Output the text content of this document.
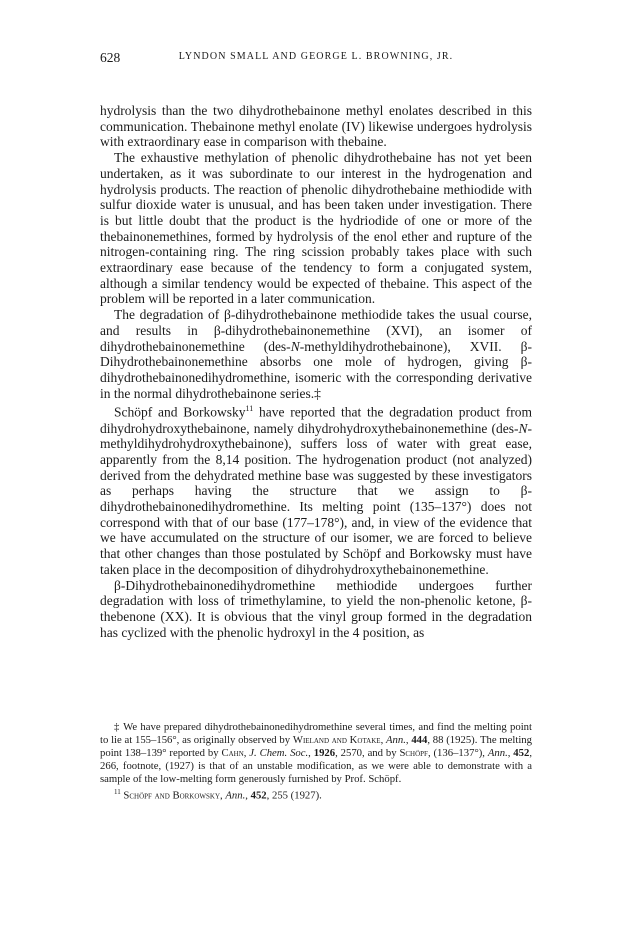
628	LYNDON SMALL AND GEORGE L. BROWNING, JR.

hydrolysis than the two dihydrothebainone methyl enolates described in this communication. Thebainone methyl enolate (IV) likewise undergoes hydrolysis with extraordinary ease in comparison with thebaine.

The exhaustive methylation of phenolic dihydrothebaine has not yet been undertaken, as it was subordinate to our interest in the hydrogenation and hydrolysis products. The reaction of phenolic dihydrothebaine methiodide with sulfur dioxide water is unusual, and has been taken under investigation. There is but little doubt that the product is the hydriodide of one or more of the thebainonemethines, formed by hydrolysis of the enol ether and rupture of the nitrogen-containing ring. The ring scission probably takes place with such extraordinary ease because of the tendency to form a conjugated system, although a similar tendency would be expected of thebaine. This aspect of the problem will be reported in a later communication.

The degradation of β-dihydrothebainone methiodide takes the usual course, and results in β-dihydrothebainonemethine (XVI), an isomer of dihydrothebainonemethine (des-N-methyldihydrothebainone), XVII. β-Dihydrothebainonemethine absorbs one mole of hydrogen, giving β-dihydrothebainonedihydromethine, isomeric with the corresponding derivative in the normal dihydrothebainone series.‡

Schöpf and Borkowsky$^{11}$ have reported that the degradation product from dihydrohydroxythebainone, namely dihydrohydroxythebainonemethine (des-N-methyldihydrohydroxythebainone), suffers loss of water with great ease, apparently from the 8,14 position. The hydrogenation product (not analyzed) derived from the dehydrated methine base was suggested by these investigators as perhaps having the structure that we assign to β-dihydrothebainonedihydromethine. Its melting point (135–137°) does not correspond with that of our base (177–178°), and, in view of the evidence that we have accumulated on the structure of our isomer, we are forced to believe that other changes than those postulated by Schöpf and Borkowsky must have taken place in the decomposition of dihydrohydroxythebainonemethine.

β-Dihydrothebainonedihydromethine methiodide undergoes further degradation with loss of trimethylamine, to yield the non-phenolic ketone, β-thebenone (XX). It is obvious that the vinyl group formed in the degradation has cyclized with the phenolic hydroxyl in the 4 position, as

‡ We have prepared dihydrothebainonedihydromethine several times, and find the melting point to lie at 155–156°, as originally observed by Wieland and Kotake, Ann., 444, 88 (1925). The melting point 138–139° reported by Cahn, J. Chem. Soc., 1926, 2570, and by Schöpf, (136–137°), Ann., 452, 266, footnote, (1927) is that of an unstable modification, as we were able to demonstrate with a sample of the low-melting form generously furnished by Prof. Schöpf.

$^{11}$ Schöpf and Borkowsky, Ann., 452, 255 (1927).
